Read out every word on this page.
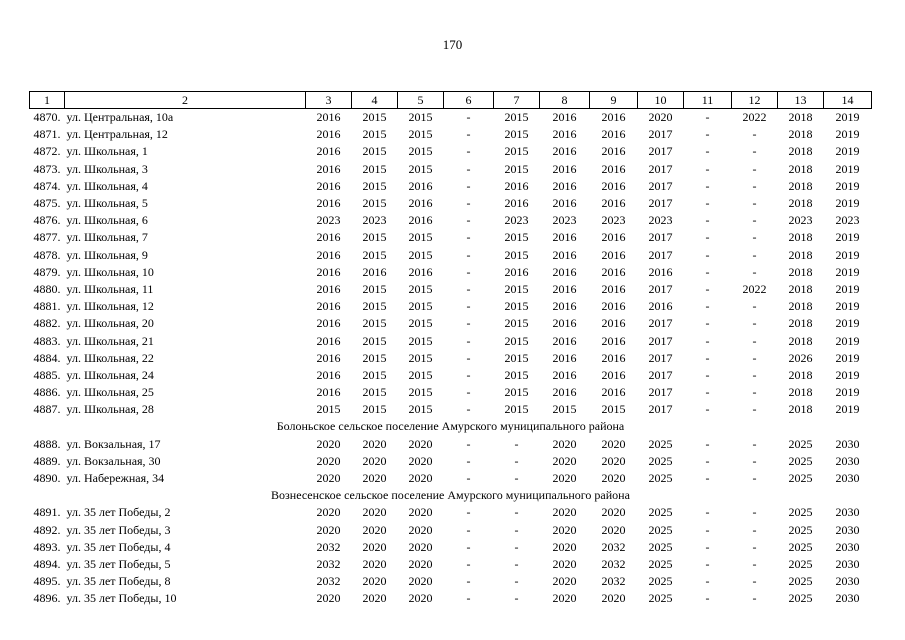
170
1	2	3	4	5	6	7	8	9	10	11	12	13	14
4870.	ул. Центральная, 10а	2016	2015	2015	-	2015	2016	2016	2020	-	2022	2018	2019
4871.	ул. Центральная, 12	2016	2015	2015	-	2015	2016	2016	2017	-	-	2018	2019
4872.	ул. Школьная, 1	2016	2015	2015	-	2015	2016	2016	2017	-	-	2018	2019
4873.	ул. Школьная, 3	2016	2015	2015	-	2015	2016	2016	2017	-	-	2018	2019
4874.	ул. Школьная, 4	2016	2015	2016	-	2016	2016	2016	2017	-	-	2018	2019
4875.	ул. Школьная, 5	2016	2015	2016	-	2016	2016	2016	2017	-	-	2018	2019
4876.	ул. Школьная, 6	2023	2023	2016	-	2023	2023	2023	2023	-	-	2023	2023
4877.	ул. Школьная, 7	2016	2015	2015	-	2015	2016	2016	2017	-	-	2018	2019
4878.	ул. Школьная, 9	2016	2015	2015	-	2015	2016	2016	2017	-	-	2018	2019
4879.	ул. Школьная, 10	2016	2016	2016	-	2016	2016	2016	2016	-	-	2018	2019
4880.	ул. Школьная, 11	2016	2015	2015	-	2015	2016	2016	2017	-	2022	2018	2019
4881.	ул. Школьная, 12	2016	2015	2015	-	2015	2016	2016	2016	-	-	2018	2019
4882.	ул. Школьная, 20	2016	2015	2015	-	2015	2016	2016	2017	-	-	2018	2019
4883.	ул. Школьная, 21	2016	2015	2015	-	2015	2016	2016	2017	-	-	2018	2019
4884.	ул. Школьная, 22	2016	2015	2015	-	2015	2016	2016	2017	-	-	2026	2019
4885.	ул. Школьная, 24	2016	2015	2015	-	2015	2016	2016	2017	-	-	2018	2019
4886.	ул. Школьная, 25	2016	2015	2015	-	2015	2016	2016	2017	-	-	2018	2019
4887.	ул. Школьная, 28	2015	2015	2015	-	2015	2015	2015	2017	-	-	2018	2019
Болоньское сельское поселение Амурского муниципального района													
4888.	ул. Вокзальная, 17	2020	2020	2020	-	-	2020	2020	2025	-	-	2025	2030
4889.	ул. Вокзальная, 30	2020	2020	2020	-	-	2020	2020	2025	-	-	2025	2030
4890.	ул. Набережная, 34	2020	2020	2020	-	-	2020	2020	2025	-	-	2025	2030
Вознесенское сельское поселение Амурского муниципального района													
4891.	ул. 35 лет Победы, 2	2020	2020	2020	-	-	2020	2020	2025	-	-	2025	2030
4892.	ул. 35 лет Победы, 3	2020	2020	2020	-	-	2020	2020	2025	-	-	2025	2030
4893.	ул. 35 лет Победы, 4	2032	2020	2020	-	-	2020	2032	2025	-	-	2025	2030
4894.	ул. 35 лет Победы, 5	2032	2020	2020	-	-	2020	2032	2025	-	-	2025	2030
4895.	ул. 35 лет Победы, 8	2032	2020	2020	-	-	2020	2032	2025	-	-	2025	2030
4896.	ул. 35 лет Победы, 10	2020	2020	2020	-	-	2020	2020	2025	-	-	2025	2030
